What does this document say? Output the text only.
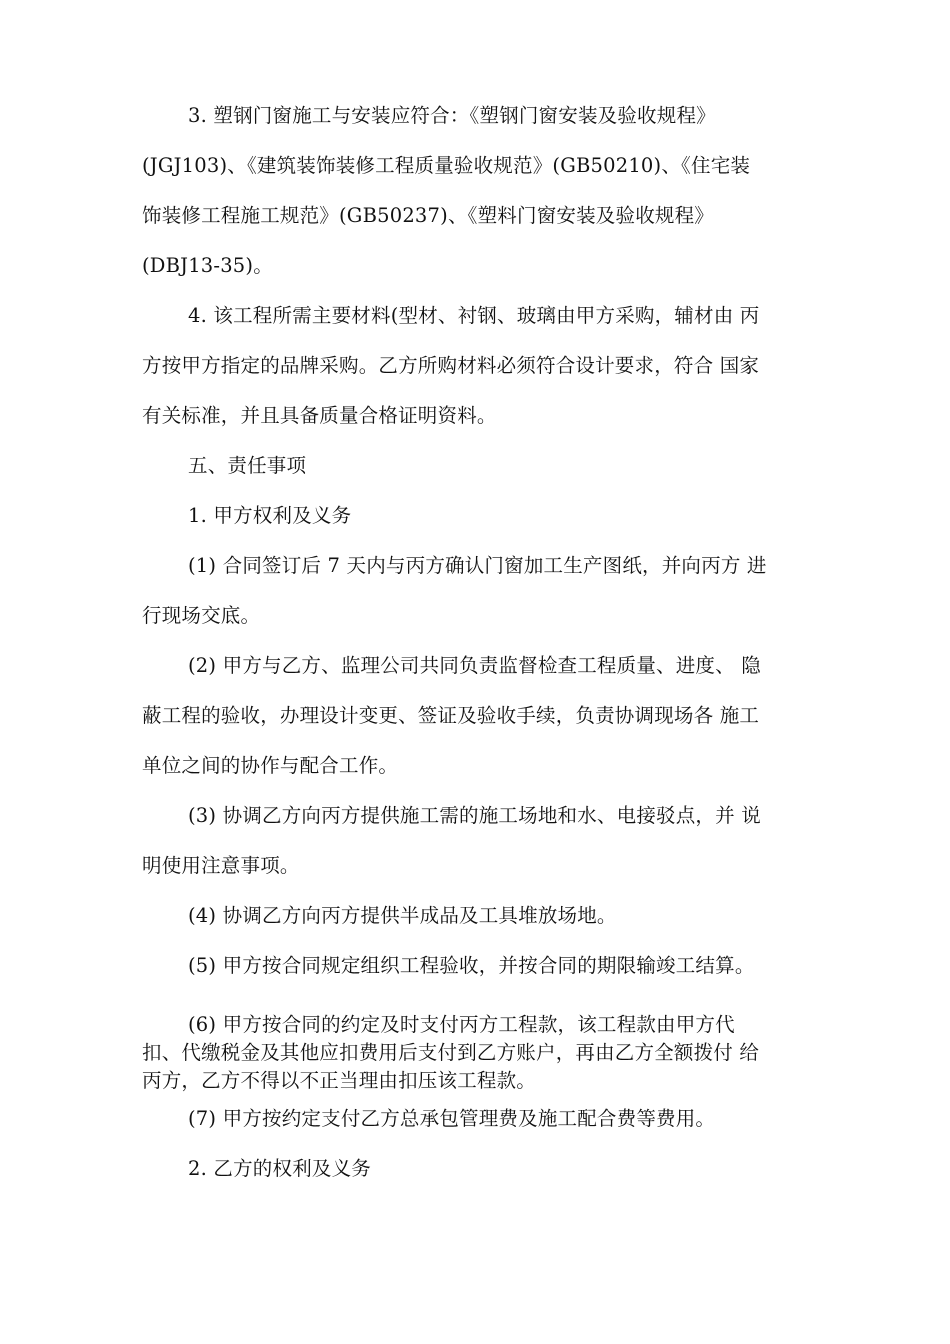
3. 塑钢门窗施工与安装应符合：《塑钢门窗安装及验收规程》

(JGJ103)、《建筑装饰装修工程质量验收规范》(GB50210)、《住宅装

饰装修工程施工规范》(GB50237)、《塑料门窗安装及验收规程》

(DBJ13-35)。

4. 该工程所需主要材料(型材、衬钢、玻璃由甲方采购，辅材由 丙

方按甲方指定的品牌采购。乙方所购材料必须符合设计要求，符合 国家

有关标准，并且具备质量合格证明资料。

五、责任事项

1. 甲方权利及义务

(1) 合同签订后 7 天内与丙方确认门窗加工生产图纸，并向丙方 进

行现场交底。

(2) 甲方与乙方、监理公司共同负责监督检查工程质量、进度、 隐

蔽工程的验收，办理设计变更、签证及验收手续，负责协调现场各 施工

单位之间的协作与配合工作。

(3) 协调乙方向丙方提供施工需的施工场地和水、电接驳点，并 说

明使用注意事项。

(4) 协调乙方向丙方提供半成品及工具堆放场地。

(5) 甲方按合同规定组织工程验收，并按合同的期限输竣工结算。

(6) 甲方按合同的约定及时支付丙方工程款，该工程款由甲方代

扣、代缴税金及其他应扣费用后支付到乙方账户，再由乙方全额拨付 给

丙方，乙方不得以不正当理由扣压该工程款。

(7) 甲方按约定支付乙方总承包管理费及施工配合费等费用。

2. 乙方的权利及义务
